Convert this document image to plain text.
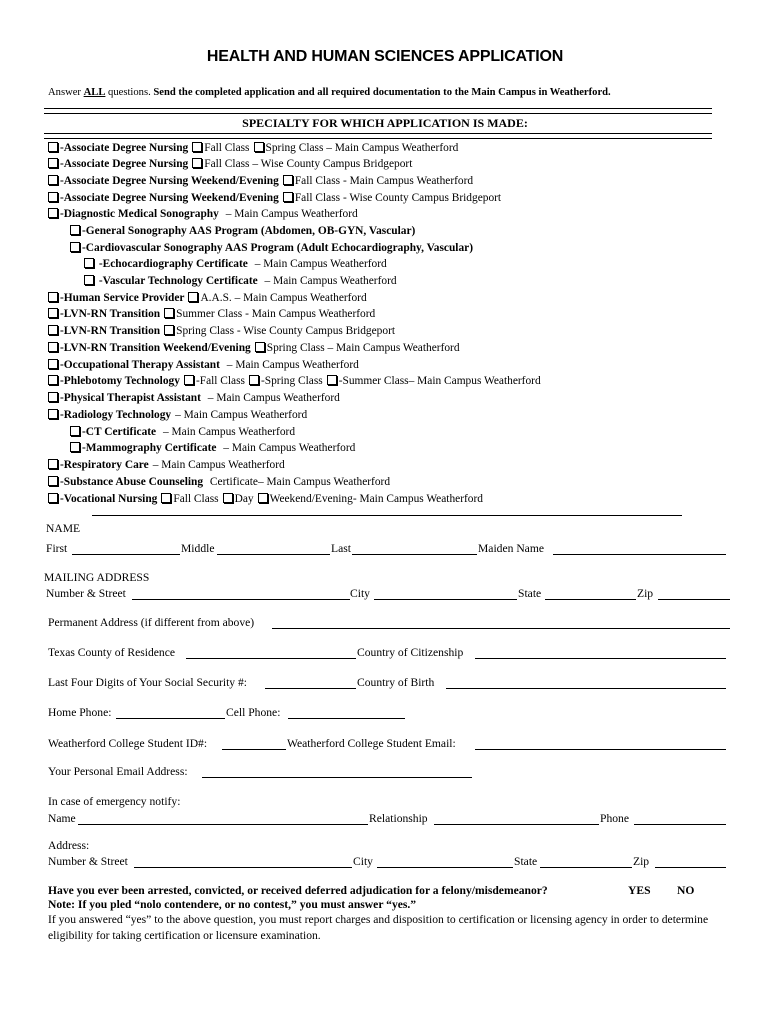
HEALTH AND HUMAN SCIENCES APPLICATION
Answer ALL questions. Send the completed application and all required documentation to the Main Campus in Weatherford.
SPECIALTY FOR WHICH APPLICATION IS MADE:
-Associate Degree Nursing Fall Class Spring Class – Main Campus Weatherford
-Associate Degree Nursing Fall Class – Wise County Campus Bridgeport
-Associate Degree Nursing Weekend/Evening Fall Class - Main Campus Weatherford
-Associate Degree Nursing Weekend/Evening Fall Class - Wise County Campus Bridgeport
-Diagnostic Medical Sonography – Main Campus Weatherford
-General Sonography AAS Program (Abdomen, OB-GYN, Vascular)
-Cardiovascular Sonography AAS Program (Adult Echocardiography, Vascular)
-Echocardiography Certificate – Main Campus Weatherford
-Vascular Technology Certificate – Main Campus Weatherford
-Human Service Provider A.A.S. – Main Campus Weatherford
-LVN-RN Transition Summer Class - Main Campus Weatherford
-LVN-RN Transition Spring Class - Wise County Campus Bridgeport
-LVN-RN Transition Weekend/Evening Spring Class – Main Campus Weatherford
-Occupational Therapy Assistant – Main Campus Weatherford
-Phlebotomy Technology -Fall Class -Spring Class -Summer Class– Main Campus Weatherford
-Physical Therapist Assistant – Main Campus Weatherford
-Radiology Technology – Main Campus Weatherford
-CT Certificate – Main Campus Weatherford
-Mammography Certificate – Main Campus Weatherford
-Respiratory Care – Main Campus Weatherford
-Substance Abuse Counseling Certificate– Main Campus Weatherford
-Vocational Nursing Fall Class Day Weekend/Evening- Main Campus Weatherford
NAME
First	Middle	Last	Maiden Name
MAILING ADDRESS
Number & Street	City	State	Zip
Permanent Address (if different from above)
Texas County of Residence	Country of Citizenship
Last Four Digits of Your Social Security #:	Country of Birth
Home Phone:	Cell Phone:
Weatherford College Student ID#:	Weatherford College Student Email:
Your Personal Email Address:
In case of emergency notify:
Name	Relationship	Phone
Address:
Number & Street	City	State	Zip
Have you ever been arrested, convicted, or received deferred adjudication for a felony/misdemeanor?	YES NO
Note: If you pled “nolo contendere, or no contest,” you must answer “yes.”
If you answered “yes” to the above question, you must report charges and disposition to certification or licensing agency in order to determine eligibility for taking certification or licensure examination.
